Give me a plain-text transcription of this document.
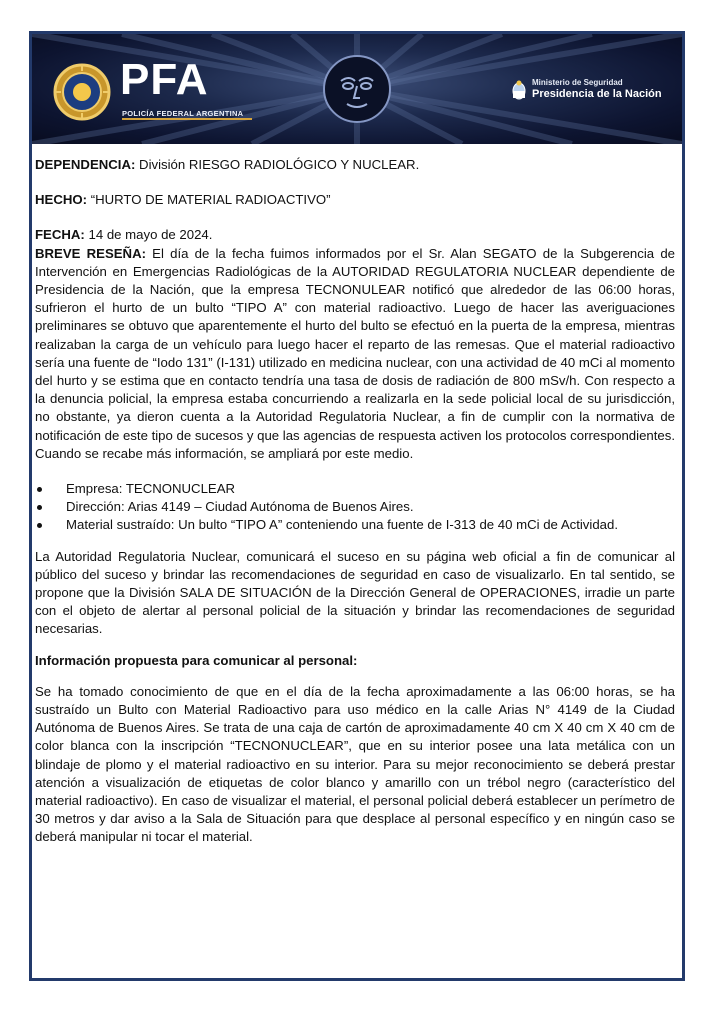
PFA
POLICÍA FEDERAL ARGENTINA
Ministerio de Seguridad
Presidencia de la Nación

DEPENDENCIA: División RIESGO RADIOLÓGICO Y NUCLEAR.

HECHO: “HURTO DE MATERIAL RADIOACTIVO”

FECHA: 14 de mayo de 2024.

BREVE RESEÑA: El día de la fecha fuimos informados por el Sr. Alan SEGATO de la Subgerencia de Intervención en Emergencias Radiológicas de la AUTORIDAD REGULATORIA NUCLEAR dependiente de Presidencia de la Nación, que la empresa TECNONULEAR notificó que alrededor de las 06:00 horas, sufrieron el hurto de un bulto “TIPO A” con material radioactivo. Luego de hacer las averiguaciones preliminares se obtuvo que aparentemente el hurto del bulto se efectuó en la puerta de la empresa, mientras realizaban la carga de un vehículo para luego hacer el reparto de las remesas. Que el material radioactivo sería una fuente de “Iodo 131” (I-131) utilizado en medicina nuclear, con una actividad de 40 mCi al momento del hurto y se estima que en contacto tendría una tasa de dosis de radiación de 800 mSv/h. Con respecto a la denuncia policial, la empresa estaba concurriendo a realizarla en la sede policial local de su jurisdicción, no obstante, ya dieron cuenta a la Autoridad Regulatoria Nuclear, a fin de cumplir con la normativa de notificación de este tipo de sucesos y que las agencias de respuesta activen los protocolos correspondientes. Cuando se recabe más información, se ampliará por este medio.

Empresa: TECNONUCLEAR
Dirección: Arias 4149 – Ciudad Autónoma de Buenos Aires.
Material sustraído: Un bulto “TIPO A” conteniendo una fuente de I-313 de 40 mCi de Actividad.

La Autoridad Regulatoria Nuclear, comunicará el suceso en su página web oficial a fin de comunicar al público del suceso y brindar las recomendaciones de seguridad en caso de visualizarlo. En tal sentido, se propone que la División SALA DE SITUACIÓN de la Dirección General de OPERACIONES, irradie un parte con el objeto de alertar al personal policial de la situación y brindar las recomendaciones de seguridad necesarias.

Información propuesta para comunicar al personal:

Se ha tomado conocimiento de que en el día de la fecha aproximadamente a las 06:00 horas, se ha sustraído un Bulto con Material Radioactivo para uso médico en la calle Arias N° 4149 de la Ciudad Autónoma de Buenos Aires. Se trata de una caja de cartón de aproximadamente 40 cm X 40 cm X 40 cm de color blanca con la inscripción “TECNONUCLEAR”, que en su interior posee una lata metálica con un blindaje de plomo y el material radioactivo en su interior. Para su mejor reconocimiento se deberá prestar atención a visualización de etiquetas de color blanco y amarillo con un trébol negro (característico del material radioactivo). En caso de visualizar el material, el personal policial deberá establecer un perímetro de 30 metros y dar aviso a la Sala de Situación para que desplace al personal específico y en ningún caso se deberá manipular ni tocar el material.
